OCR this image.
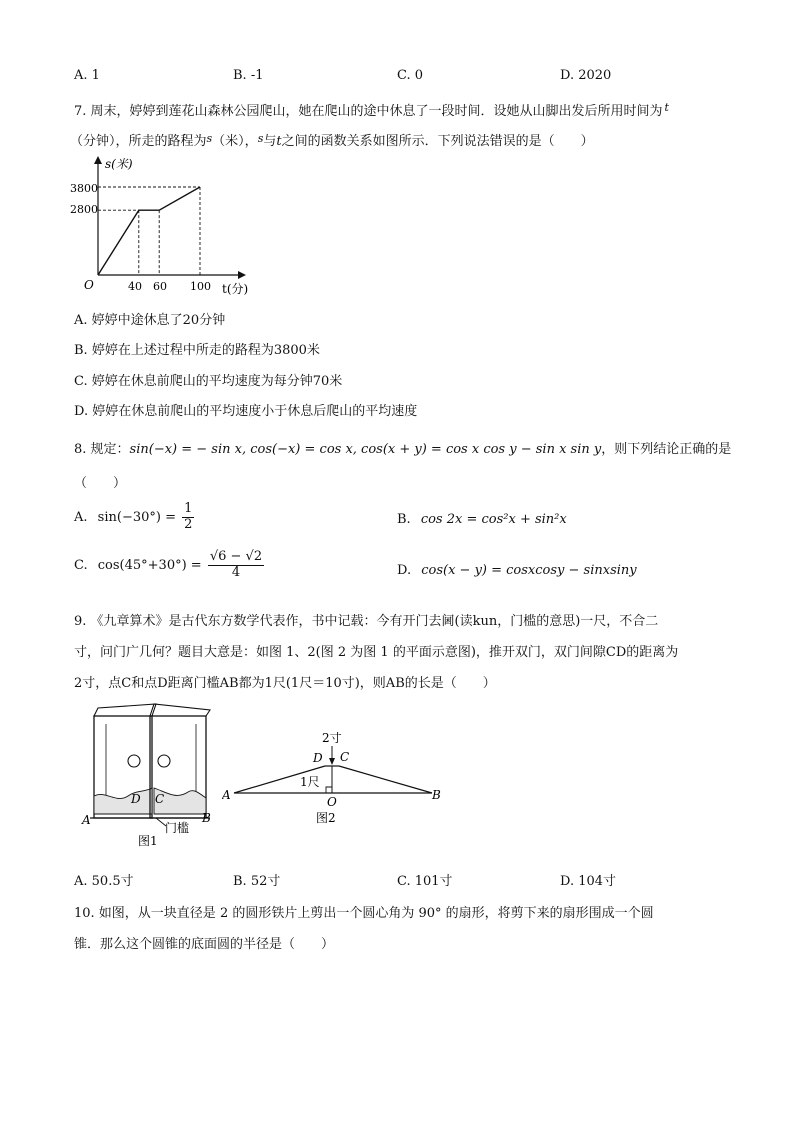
A. 1	B. -1	C. 0	D. 2020
7. 周末，婷婷到莲花山森林公园爬山，她在爬山的途中休息了一段时间．设她从山脚出发后所用时间为 $^t$
（分钟），所走的路程为$^s$（米），$^s$与t之间的函数关系如图所示．下列说法错误的是（　　）
s(米)
t(分)
O
2800
3800
40 60 100
A. 婷婷中途休息了20分钟
B. 婷婷在上述过程中所走的路程为3800米
C. 婷婷在休息前爬山的平均速度为每分钟70米
D. 婷婷在休息前爬山的平均速度小于休息后爬山的平均速度
8. 规定：sin(−x) = − sin x, cos(−x) = cos x, cos(x + y) = cos x cos y − sin x sin y，则下列结论正确的是
（　　）
A. $\sin(-30^\circ) = \frac{1}{2}$	B. cos 2x = cos²x + sin²x
C. $\cos(45^\circ+30^\circ) = \frac{√6 - √2}{4}$	D. cos(x − y) = cosxcosy − sinxsiny
9. 《九章算术》是古代东方数学代表作，书中记载：今有开门去阃(读kun，门槛的意思)一尺，不合二
寸，问门广几何？题目大意是：如图 1、2(图 2 为图 1 的平面示意图)，推开双门，双门间隙CD的距离为
2寸，点C和点D距离门槛AB都为1尺(1尺＝10寸)，则AB的长是（　　）
A	B
D C
门槛
图1
2寸
D C
1尺
A	B
O
图2
A. 50.5寸	B. 52寸	C. 101寸	D. 104寸
10. 如图，从一块直径是 2 的圆形铁片上剪出一个圆心角为 90° 的扇形，将剪下来的扇形围成一个圆
锥．那么这个圆锥的底面圆的半径是（　　）
